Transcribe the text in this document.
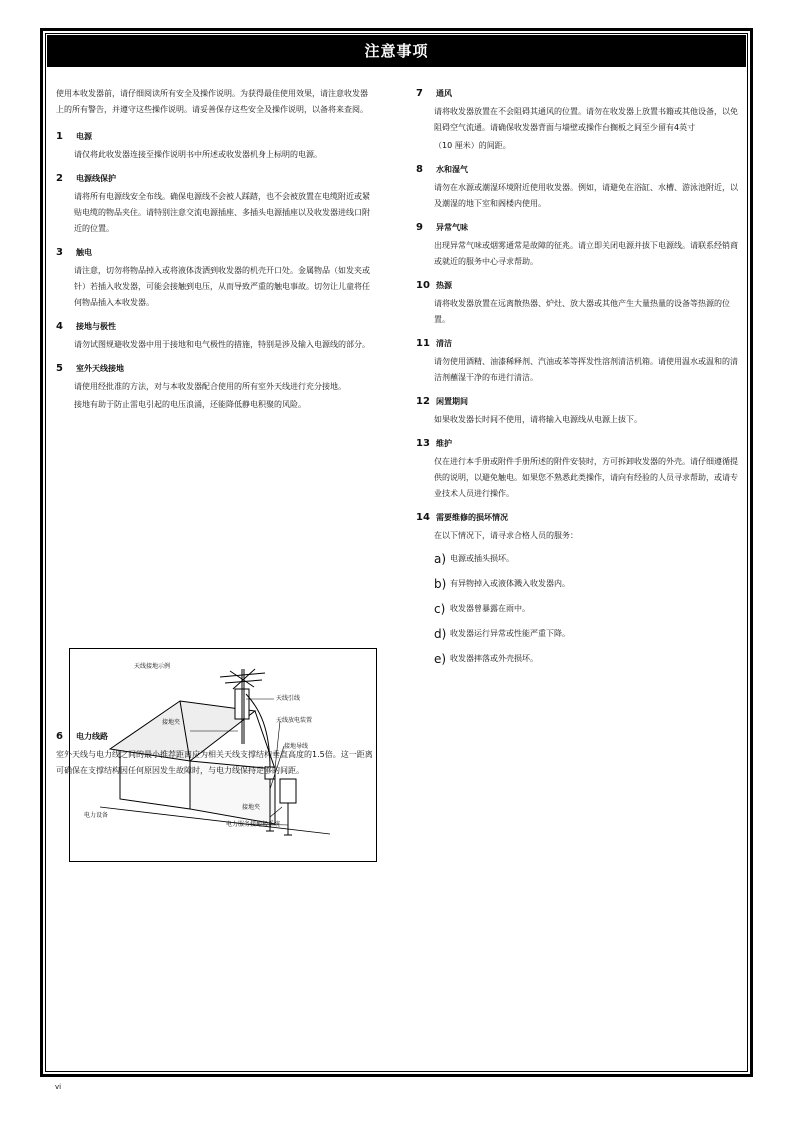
注意事项

使用本收发器前，请仔细阅读所有安全及操作说明。为获得最佳使用效果，请注意收发器上的所有警告，并遵守这些操作说明。请妥善保存这些安全及操作说明，以备将来查阅。

1	电源

请仅将此收发器连接至操作说明书中所述或收发器机身上标明的电源。

2	电源线保护

请将所有电源线安全布线。确保电源线不会被人踩踏，也不会被放置在电缆附近或紧贴电缆的物品夹住。请特别注意交流电源插座、多插头电源插座以及收发器进线口附近的位置。

3	触电

请注意，切勿将物品掉入或将液体泼洒到收发器的机壳开口处。金属物品（如发夹或针）若插入收发器，可能会接触到电压，从而导致严重的触电事故。切勿让儿童将任何物品插入本收发器。

4	接地与极性

请勿试图规避收发器中用于接地和电气极性的措施，特别是涉及输入电源线的部分。

5	室外天线接地

请使用经批准的方法，对与本收发器配合使用的所有室外天线进行充分接地。

接地有助于防止雷电引起的电压浪涌，还能降低静电积聚的风险。

天线接地示例
天线引线
接地夹	天线放电装置
接地导线
接地夹
电力设备
电力服务接地极系统
6	电力线路

室外天线与电力线之间的最小推荐距离应为相关天线支撑结构垂直高度的1.5倍。这一距离可确保在支撑结构因任何原因发生故障时，与电力线保持足够的间距。

7	通风

请将收发器放置在不会阻碍其通风的位置。请勿在收发器上放置书籍或其他设备，以免阻碍空气流通。请确保收发器背面与墙壁或操作台搁板之间至少留有4英寸

（10 厘米）的间距。

8	水和湿气

请勿在水源或潮湿环境附近使用收发器。例如，请避免在浴缸、水槽、游泳池附近，以及潮湿的地下室和阁楼内使用。

9	异常气味

出现异常气味或烟雾通常是故障的征兆。请立即关闭电源并拔下电源线。请联系经销商或就近的服务中心寻求帮助。

10 热源

请将收发器放置在远离散热器、炉灶、放大器或其他产生大量热量的设备等热源的位置。

11 清洁

请勿使用酒精、油漆稀释剂、汽油或苯等挥发性溶剂清洁机箱。请使用温水或温和的清洁剂蘸湿干净的布进行清洁。

12 闲置期间

如果收发器长时间不使用，请将输入电源线从电源上拔下。

13 维护

仅在进行本手册或附件手册所述的附件安装时，方可拆卸收发器的外壳。请仔细遵循提供的说明，以避免触电。如果您不熟悉此类操作，请向有经验的人员寻求帮助，或请专业技术人员进行操作。

14 需要维修的损坏情况

在以下情况下，请寻求合格人员的服务：

a) 电源或插头损坏。
b) 有异物掉入或液体溅入收发器内。
c) 收发器曾暴露在雨中。
d) 收发器运行异常或性能严重下降。
e) 收发器摔落或外壳损坏。
vi
